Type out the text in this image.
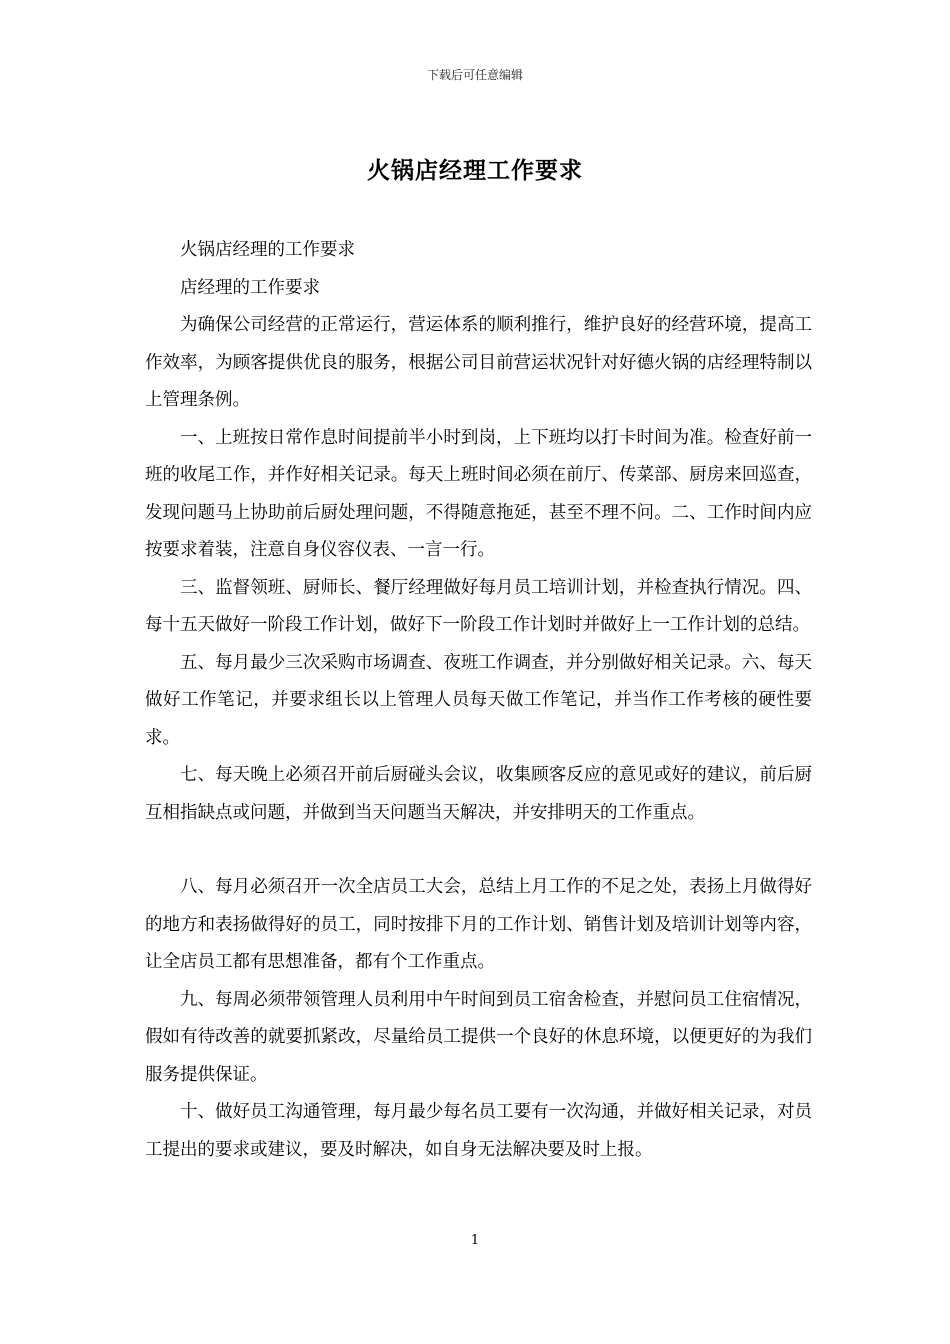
下载后可任意编辑
火锅店经理工作要求

火锅店经理的工作要求

店经理的工作要求

为确保公司经营的正常运行，营运体系的顺利推行，维护良好的经营环境，提高工作效率，为顾客提供优良的服务，根据公司目前营运状况针对好德火锅的店经理特制以上管理条例。

一、上班按日常作息时间提前半小时到岗，上下班均以打卡时间为准。检查好前一班的收尾工作，并作好相关记录。每天上班时间必须在前厅、传菜部、厨房来回巡查，发现问题马上协助前后厨处理问题，不得随意拖延，甚至不理不问。二、工作时间内应按要求着装，注意自身仪容仪表、一言一行。

三、监督领班、厨师长、餐厅经理做好每月员工培训计划，并检查执行情况。四、每十五天做好一阶段工作计划，做好下一阶段工作计划时并做好上一工作计划的总结。

五、每月最少三次采购市场调查、夜班工作调查，并分别做好相关记录。六、每天做好工作笔记，并要求组长以上管理人员每天做工作笔记，并当作工作考核的硬性要求。

七、每天晚上必须召开前后厨碰头会议，收集顾客反应的意见或好的建议，前后厨互相指缺点或问题，并做到当天问题当天解决，并安排明天的工作重点。

八、每月必须召开一次全店员工大会，总结上月工作的不足之处，表扬上月做得好的地方和表扬做得好的员工，同时按排下月的工作计划、销售计划及培训计划等内容，让全店员工都有思想准备，都有个工作重点。

九、每周必须带领管理人员利用中午时间到员工宿舍检查，并慰问员工住宿情况，假如有待改善的就要抓紧改，尽量给员工提供一个良好的休息环境，以便更好的为我们服务提供保证。

十、做好员工沟通管理，每月最少每名员工要有一次沟通，并做好相关记录，对员工提出的要求或建议，要及时解决，如自身无法解决要及时上报。

1
